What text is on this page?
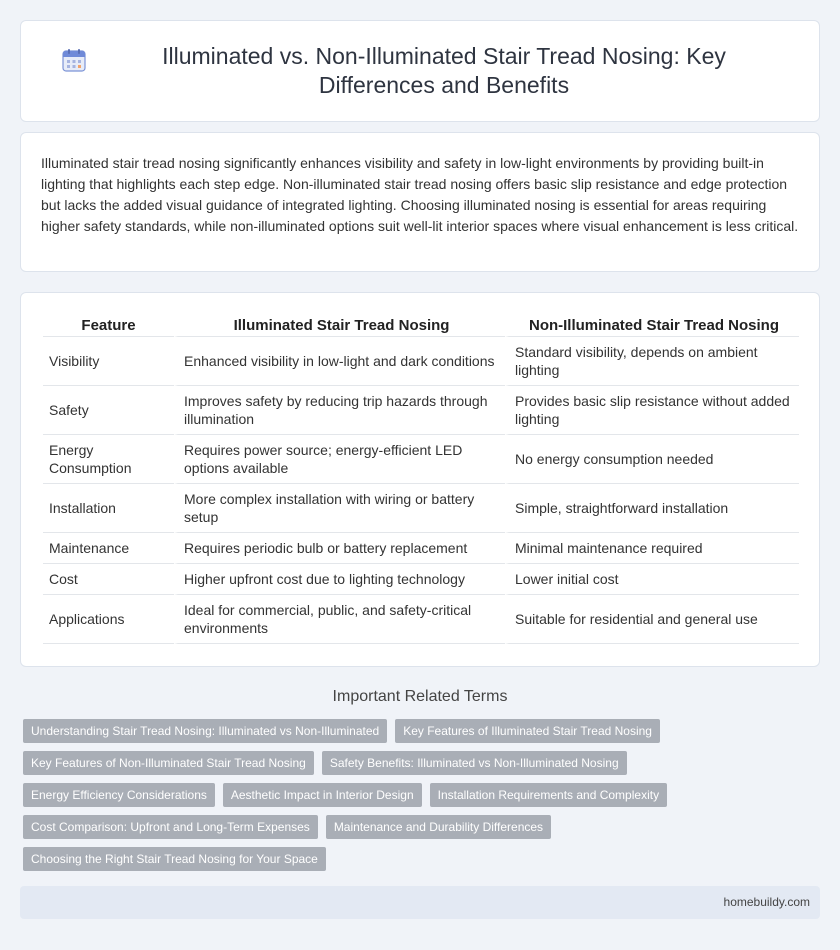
Illuminated vs. Non-Illuminated Stair Tread Nosing: Key Differences and Benefits

Illuminated stair tread nosing significantly enhances visibility and safety in low-light environments by providing built-in lighting that highlights each step edge. Non-illuminated stair tread nosing offers basic slip resistance and edge protection but lacks the added visual guidance of integrated lighting. Choosing illuminated nosing is essential for areas requiring higher safety standards, while non-illuminated options suit well-lit interior spaces where visual enhancement is less critical.

Feature	Illuminated Stair Tread Nosing	Non-Illuminated Stair Tread Nosing
Visibility	Enhanced visibility in low-light and dark conditions	Standard visibility, depends on ambient lighting
Safety	Improves safety by reducing trip hazards through illumination	Provides basic slip resistance without added lighting
Energy Consumption	Requires power source; energy-efficient LED options available	No energy consumption needed
Installation	More complex installation with wiring or battery setup	Simple, straightforward installation
Maintenance	Requires periodic bulb or battery replacement	Minimal maintenance required
Cost	Higher upfront cost due to lighting technology	Lower initial cost
Applications	Ideal for commercial, public, and safety-critical environments	Suitable for residential and general use
Important Related Terms
Understanding Stair Tread Nosing: Illuminated vs Non-Illuminated	Key Features of Illuminated Stair Tread Nosing
Key Features of Non-Illuminated Stair Tread Nosing	Safety Benefits: Illuminated vs Non-Illuminated Nosing
Energy Efficiency Considerations	Aesthetic Impact in Interior Design	Installation Requirements and Complexity
Cost Comparison: Upfront and Long-Term Expenses	Maintenance and Durability Differences
Choosing the Right Stair Tread Nosing for Your Space
homebuildy.com
